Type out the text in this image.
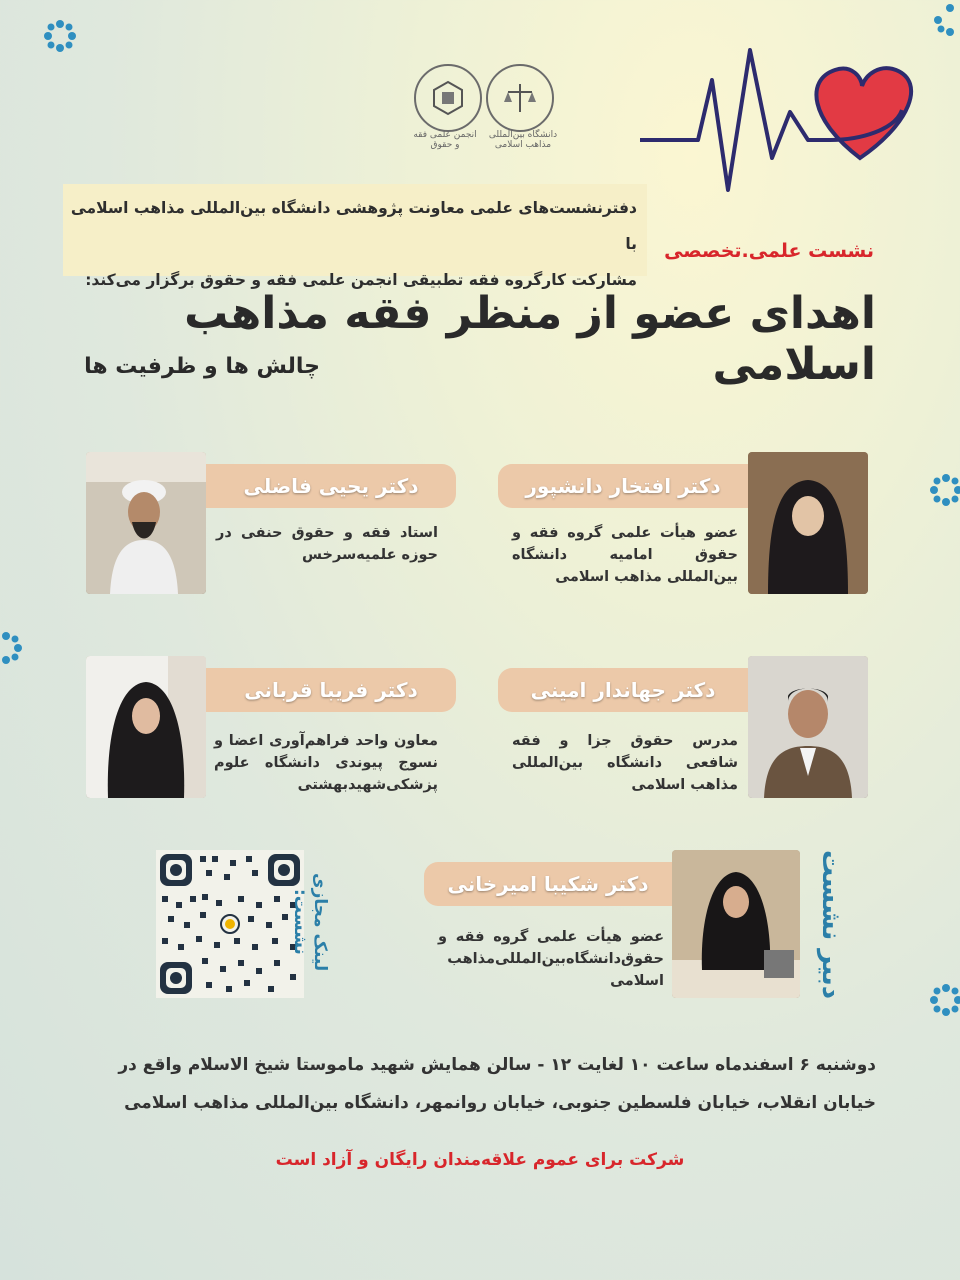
انجمن علمی فقه و حقوق
دانشگاه بین‌المللی مذاهب اسلامی
دفترنشست‌های علمی معاونت پژوهشی دانشگاه بین‌المللی مذاهب اسلامی با
مشارکت کارگروه فقه تطبیقی انجمن علمی فقه و حقوق برگزار می‌کند:
نشست علمی.تخصصی
اهدای عضو از منظر فقه مذاهب اسلامی
چالش ها و ظرفیت ها
دکتر افتخار دانشپور
عضو هیأت علمی گروه فقه و حقوق امامیه دانشگاه بین‌المللی مذاهب اسلامی
دکتر یحیی فاضلی
استاد فقه و حقوق حنفی در حوزه علمیه‌سرخس
دکتر جهاندار امینی
مدرس حقوق جزا و فقه شافعی دانشگاه بین‌المللی مذاهب اسلامی
دکتر فریبا قربانی
معاون واحد فراهم‌آوری اعضا و نسوج پیوندی دانشگاه علوم پزشکی‌شهیدبهشتی
دکتر شکیبا امیرخانی
عضو هیأت علمی گروه فقه و حقوق‌دانشگاه‌بین‌المللی‌مذاهب اسلامی	دبیر نشست
لینک مجازی نشست:
دوشنبه ۶ اسفندماه ساعت ۱۰ لغایت ۱۲ - سالن همایش شهید ماموستا شیخ الاسلام واقع در
خیابان انقلاب، خیابان فلسطین جنوبی، خیابان روانمهر، دانشگاه بین‌المللی مذاهب اسلامی
شرکت برای عموم علاقه‌مندان رایگان و آزاد است
